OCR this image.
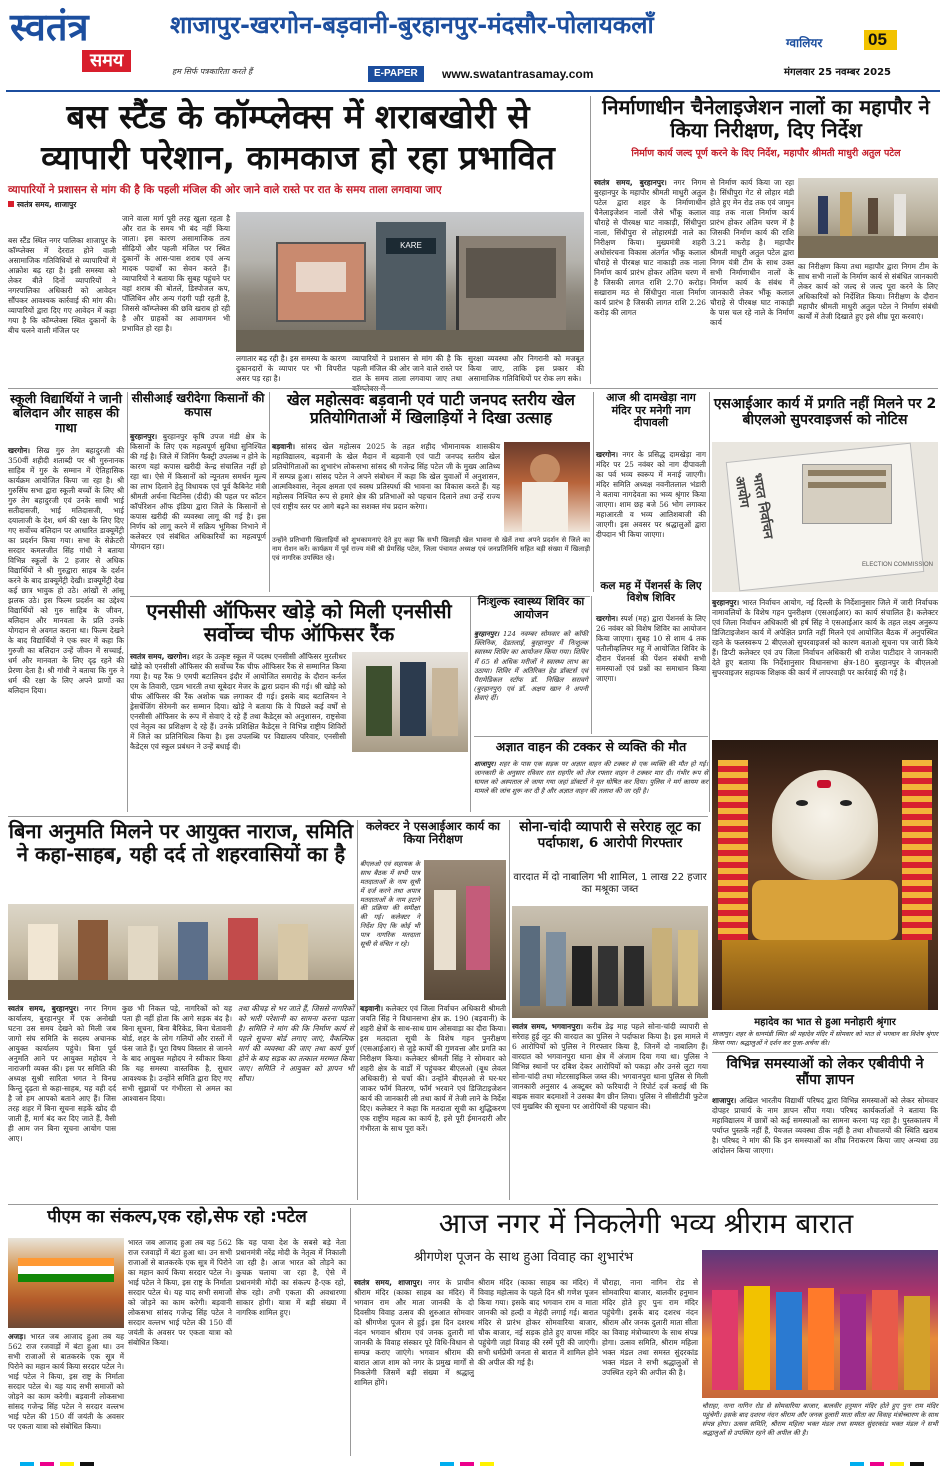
स्वतंत्र
समय
हम सिर्फ पत्रकारिता करते हैं
शाजापुर-खरगोन-बड़वानी-बुरहानपुर-मंदसौर-पोलायकलाँ
E-PAPER	www.swatantrasamay.com
ग्वालियर	05
मंगलवार 25 नवम्बर 2025
बस स्टैंड के कॉम्प्लेक्स में शराबखोरी से व्यापारी परेशान, कामकाज हो रहा प्रभावित
व्यापारियों ने प्रशासन से मांग की है कि पहली मंजिल की ओर जाने वाले रास्ते पर रात के समय ताला लगवाया जाए
स्वतंत्र समय, शाजापुर
बस स्टैंड स्थित नगर पालिका शाजापुर के कॉम्प्लेक्स में देररात होने वाली असामाजिक गतिविधियों से व्यापारियों में आक्रोश बढ़ रहा है। इसी समस्या को लेकर बीते दिनों व्यापारियों ने नगरपालिका अधिकारी को आवेदन सौंपकर आवश्यक कार्रवाई की मांग की। व्यापारियों द्वारा दिए गए आवेदन में कहा गया है कि कॉम्प्लेक्स स्थित दुकानों के बीच चलने वाली मंजिल पर
जाने वाला मार्ग पूरी तरह खुला रहता है और रात के समय भी बंद नहीं किया जाता। इस कारण असामाजिक तत्व सीढ़ियों और पहली मंजिल पर स्थित दुकानों के आस-पास शराब एवं अन्य मादक पदार्थों का सेवन करते हैं। व्यापारियों ने बताया कि सुबह पहुंचने पर वहां शराब की बोतलें, डिस्पोजल कप, पॉलिथिन और अन्य गंदगी पड़ी रहती है, जिससे कॉम्प्लेक्स की छवि खराब हो रही है और ग्राहकों का आवागमन भी प्रभावित हो रहा है।
KARE
लगातार बढ़ रही है। इस समस्या के कारण दुकानदारों के व्यापार पर भी विपरीत असर पड़ रहा है।
व्यापारियों ने प्रशासन से मांग की है कि पहली मंजिल की ओर जाने वाले रास्ते पर रात के समय ताला लगवाया जाए तथा
सुरक्षा व्यवस्था और निगरानी को मजबूत किया जाए, ताकि इस प्रकार की असामाजिक गतिविधियों पर रोक लग सके।
निर्माणाधीन चैनेलाइजेशन नालों का महापौर ने किया निरीक्षण, दिए निर्देश
निर्माण कार्य जल्द पूर्ण करने के दिए निर्देश, महापौर श्रीमती माधुरी अतुल पटेल
स्वतंत्र समय, बुरहानपुर। नगर निगम बुरहानपुर के महापौर श्रीमती माधुरी अतुल पटेल द्वारा शहर के निर्माणाधीन चैनेलाइजेशन नालों जैसे भौंकू कलाल चौराहे से पीरबक्ष घाट नाकाड़ी, सिंधीपुरा नाला, सिंधीपुरा से लोहारमंडी नाले का निरीक्षण किया। मुख्यमंत्री शहरी अधोसंरचना विकास अंतर्गत भौंकू कलाल चौराहे से पीरबक्ष घाट नाकाड़ी तक नाला निर्माण कार्य प्रारंभ होकर अंतिम चरण में है जिसकी लागत राशि 2.70 करोड़। सखाराम मठ से सिंधीपुरा नाला निर्माण कार्य प्रारंभ है जिसकी लागत राशि 2.26 करोड़ की लागत
से निर्माण कार्य किया जा रहा है। सिंधीपुरा गेट से लोहार मंडी होते हुए मेन रोड तक एवं जामुन वाड़ तक नाला निर्माण कार्य प्रारंभ होकर अंतिम चरण में है जिसकी निर्माण कार्य की राशि 3.21 करोड़ है। महापौर श्रीमती माधुरी अतुल पटेल द्वारा निगम यंत्री टीम के साथ उक्त सभी निर्माणाधीन नालों के निर्माण कार्य के संबंध में जानकारी लेकर भौंकू कलाल चौराहे से पीरबक्ष घाट नाकाड़ी के पास चल रहे नाले के निर्माण कार्य
का निरीक्षण किया तथा महापौर द्वारा निगम टीम के साथ सभी नालों के निर्माण कार्य से संबंधित जानकारी लेकर कार्य को जल्द से जल्द पूरा करने के लिए अधिकारियों को निर्देशित किया। निरीक्षण के दौरान महापौर श्रीमती माधुरी अतुल पटेल ने निर्माण संबंधी कार्यों में तेजी दिखाते हुए इसे शीघ्र पूरा करवाएं।
स्कूली विद्यार्थियों ने जानी बलिदान और साहस की गाथा
खरगोन। सिख गुरु तेग बहादुरजी की 350वीं शहीदी शताब्दी पर श्री गुरुनानक साहिब में गुरु के सम्मान में ऐतिहासिक कार्यक्रम आयोजित किया जा रहा है। श्री गुरुसिंघ सभा द्वारा स्कूली बच्चों के लिए श्री गुरु तेग बहादुरजी एवं उनके साथी भाई सतीदासजी, भाई मतिदासजी, भाई दयालाजी के देश, धर्म की रक्षा के लिए दिए गए सर्वोच्च बलिदान पर आधारित डाक्यूमेंट्री का प्रदर्शन किया गया। सभा के सेक्रेटरी सरदार कमलजीत सिंह गांधी ने बताया विभिन्न स्कूलों के 2 हजार से अधिक विद्यार्थियों ने श्री गुरुद्वारा साहब के दर्शन करने के बाद डाक्यूमेंट्री देखी। डाक्यूमेंट्री देख कई छात्र भावुक हो उठे। आंखों से आंसू झलक उठे। इस फिल्म प्रदर्शन का उद्देश्य विद्यार्थियों को गुरु साहिब के जीवन, बलिदान और मानवता के प्रति उनके योगदान से अवगत कराना था। फिल्म देखने के बाद विद्यार्थियों ने एक स्वर में कहा कि गुरुजी का बलिदान उन्हें जीवन में सच्चाई, धर्म और मानवता के लिए दृढ़ रहने की प्रेरणा देता है। श्री गांधी ने बताया कि गुरु ने धर्म की रक्षा के लिए अपने प्राणों का बलिदान दिया।
सीसीआई खरीदेगा किसानों की कपास
बुरहानपुर। बुरहानपुर कृषि उपज मंडी क्षेत्र के किसानों के लिए एक महत्वपूर्ण सुविधा सुनिश्चित की गई है। जिले में जिनिंग फैक्ट्री उपलब्ध न होने के कारण यहां कपास खरीदी केन्द्र संचालित नहीं हो रहा था। ऐसे में किसानों को न्यूनतम समर्थन मूल्य का लाभ दिलाने हेतु विधायक एवं पूर्व कैबिनेट मंत्री श्रीमती अर्चना चिटनिस (दीदी) की पहल पर कॉटन कॉर्पोरेशन ऑफ इंडिया द्वारा जिले के किसानों से कपास खरीदी की व्यवस्था लागू की गई है। इस निर्णय को लागू करने में सक्रिय भूमिका निभाने में कलेक्टर एवं संबंधित अधिकारियों का महत्वपूर्ण योगदान रहा।
खेल महोत्सवः बड़वानी एवं पाटी जनपद स्तरीय खेल प्रतियोगिताओं में खिलाड़ियों ने दिखा उत्साह
बड़वानी। सांसद खेल महोत्सव 2025 के तहत शहीद भीमानायक शासकीय महाविद्यालय, बड़वानी के खेल मैदान में बड़वानी एवं पाटी जनपद स्तरीय खेल प्रतियोगिताओं का शुभारंभ लोकसभा सांसद श्री गजेन्द्र सिंह पटेल जी के मुख्य आतिथ्य में सम्पन्न हुआ। सांसद पटेल ने अपने संबोधन में कहा कि खेल युवाओं में अनुशासन, आत्मविश्वास, नेतृत्व क्षमता एवं स्वस्थ प्रतिस्पर्धा की भावना का विकास करते हैं। यह महोत्सव निश्चित रूप से हमारे क्षेत्र की प्रतिभाओं को पहचान दिलाने तथा उन्हें राज्य एवं राष्ट्रीय स्तर पर आगे बढ़ने का सशक्त मंच प्रदान करेगा।
उन्होंने प्रतिभागी खिलाड़ियों को शुभकामनाएं देते हुए कहा कि सभी खिलाड़ी खेल भावना से खेलें तथा अपने प्रदर्शन से जिले का नाम रोशन करें। कार्यक्रम में पूर्व राज्य मंत्री श्री प्रेमसिंह पटेल, जिला पंचायत अध्यक्ष एवं जनप्रतिनिधि सहित बड़ी संख्या में खिलाड़ी एवं नागरिक उपस्थित रहे।
आज श्री दामखेड़ा नाग मंदिर पर मनेगी नाग दीपावली
खरगोन। नगर के प्रसिद्ध दामखेड़ा नाग मंदिर पर 25 नवंबर को नाग दीपावली का पर्व भव्य स्वरूप में मनाई जाएगी। मंदिर समिति अध्यक्ष नवनीतलाल भंडारी ने बताया नागदेवता का भव्य श्रृंगार किया जाएगा। शाम छह बजे 56 भोग लगाकर महाआरती व भव्य आतिशबाजी की जाएगी। इस अवसर पर श्रद्धालुओं द्वारा दीपदान भी किया जाएगा।
एसआईआर कार्य में प्रगति नहीं मिलने पर 2 बीएलओ सुपरवाइजर्स को नोटिस
भारत निर्वाचन आयोग
ELECTION COMMISSION
बुरहानपुर। भारत निर्वाचन आयोग, नई दिल्ली के निर्देशानुसार जिले में जारी निर्वाचक नामावलियों के विशेष गहन पुनरीक्षण (एसआईआर) का कार्य संचालित है। कलेक्टर एवं जिला निर्वाचन अधिकारी श्री हर्ष सिंह ने एसआईआर कार्य के तहत लक्ष्य अनुरूप डिजिटाइजेशन कार्य में अपेक्षित प्रगति नहीं मिलने एवं आयोजित बैठक में अनुपस्थित रहने के फलस्वरूप 2 बीएलओ सुपरवाइजर्स को कारण बताओ सूचना पत्र जारी किये हैं। डिप्टी कलेक्टर एवं उप जिला निर्वाचन अधिकारी श्री राजेश पाटीदार ने जानकारी देते हुए बताया कि निर्देशानुसार विधानसभा क्षेत्र-180 बुरहानपुर के बीएलओ सुपरवाइजर सहायक शिक्षक की कार्य में लापरवाही पर कार्रवाई की गई है।
एनसीसी ऑफिसर खोड़े को मिली एनसीसी सर्वोच्च चीफ ऑफिसर रैंक
स्वतंत्र समय, खरगोन। शहर के उत्कृष्ट स्कूल में पदस्थ एनसीसी ऑफिसर मुरलीधर खोड़े को एनसीसी ऑफिसर की सर्वोच्च रैंक चीफ ऑफिसर रैंक से सम्मानित किया गया है। यह रैंक 9 एमपी बटालियन इंदौर में आयोजित समारोह के दौरान कर्नल एम के तिवारी, एडम भारती तथा सूबेदार मेजर के द्वारा प्रदान की गई। श्री खोड़े को चीफ ऑफिसर की रैंक अशोक चक्र लगाकर दी गई। इसके बाद बटालियन ने ड्रेसचेंजिंग सेरेमनी कर सम्मान दिया। खोड़े ने बताया कि वे पिछले कई वर्षों से एनसीसी ऑफिसर के रूप में सेवाएं दे रहे हैं तथा कैडेट्स को अनुशासन, राष्ट्रसेवा एवं नेतृत्व का प्रशिक्षण दे रहे हैं। उनके प्रशिक्षित कैडेट्स ने विभिन्न राष्ट्रीय शिविरों में जिले का प्रतिनिधित्व किया है। इस उपलब्धि पर विद्यालय परिवार, एनसीसी कैडेट्स एवं स्कूल प्रबंधन ने उन्हें बधाई दी।
निःशुल्क स्वास्थ्य शिविर का आयोजन
बुरहानपुर। 124 नवम्बर सोमवार को कॉफी क्लिनिक, देडतलाई, बुरहानपुर में निःशुल्क स्वास्थ्य शिविर का आयोजन किया गया। शिविर में 65 से अधिक मरीजों ने स्वास्थ्य लाभ का उठाया। शिविर में अतिरिक्त हेड डॉक्टर्स एवं पैरामेडिकल स्टॉफ डॉ. निखिल सरावगे (बुरहानपुर) एवं डॉ. अक्षय खान ने अपनी सेवाएं दीं।
कल मह में पेंशनर्स के लिए विशेष शिविर
खरगोन। स्पर्श (मह) द्वारा पेंशनर्स के लिए 26 नवंबर को विशेष शिविर का आयोजन किया जाएगा। सुबह 10 से शाम 4 तक पतौलीव्हलियर महू में आयोजित शिविर के दौरान पेंशनर्स की पेंशन संबंधी सभी समस्याओं एवं प्रश्नों का समाधान किया जाएगा।
अज्ञात वाहन की टक्कर से व्यक्ति की मौत
शाजापुर। शहर के पास एक सड़क पर अज्ञात वाहन की टक्कर से एक व्यक्ति की मौत हो गई। जानकारी के अनुसार रविवार रात राहगीर को तेज रफ्तार वाहन ने टक्कर मार दी। गंभीर रूप से घायल को अस्पताल ले जाया गया जहां डॉक्टरों ने मृत घोषित कर दिया। पुलिस ने मर्ग कायम कर मामले की जांच शुरू कर दी है और अज्ञात वाहन की तलाश की जा रही है।
महादेव का भात से हुआ मनोहारी श्रृंगार
शाजापुर। शहर के धानमंडी स्थित श्री महादेव मंदिर में सोमवार को भात से भगवान का विशेष श्रृंगार किया गया। श्रद्धालुओं ने दर्शन कर पूजा-अर्चना की।
बिना अनुमति मिलने पर आयुक्त नाराज, समिति ने कहा-साहब, यही दर्द तो शहरवासियों का है
स्वतंत्र समय, बुरहानपुर। नगर निगम कार्यालय, बुरहानपुर में एक अनोखी घटना उस समय देखने को मिली जब जागो संघ समिति के सदस्य अचानक आयुक्त कार्यालय पहुंचे। बिना पूर्व अनुमति आने पर आयुक्त महोदय ने नाराजगी व्यक्त की। इस पर समिति की अध्यक्ष सुश्री सारिता भगत ने विनम्र किन्तु दृढ़ता से कहा-साहब, यह वही दर्द है जो हम आपको बताने आए हैं। जिस तरह शहर में बिना सूचना सड़कें खोद दी जाती हैं, मार्ग बंद कर दिए जाते हैं, वैसी ही आम जन बिना सूचना आयोग पास आए।
कुछ भी निकल पड़े, नागरिकों को यह पता ही नहीं होता कि आगे सड़क बंद है। बिना सूचना, बिना बैरिकेड, बिना चेतावनी बोर्ड, शहर के लोग गलियों और रास्तों में फंस जाते हैं। पूरा विषय विस्तार से जानने के बाद आयुक्त महोदय ने स्वीकार किया कि यह समस्या वास्तविक है, सुधार आवश्यक है। उन्होंने समिति द्वारा दिए गए सभी सुझावों पर गंभीरता से अमल का आश्वासन दिया।
तथा कीचड़ से भर जाते हैं, जिससे नागरिकों को भारी परेशानी का सामना करना पड़ता है। समिति ने मांग की कि निर्माण कार्य से पहले सूचना बोर्ड लगाए जाएं, वैकल्पिक मार्ग की व्यवस्था की जाए तथा कार्य पूर्ण होने के बाद सड़क का तत्काल मरम्मत किया जाए। समिति ने आयुक्त को ज्ञापन भी सौंपा।
कलेक्टर ने एसआईआर कार्य का किया निरीक्षण
बीएलओ एवं सहायक के साथ बैठक में सभी पात्र मतदाताओं के नाम सूची में दर्ज करने तथा अपात्र मतदाताओं के नाम हटाने की प्रक्रिया की समीक्षा की गई। कलेक्टर ने निर्देश दिए कि कोई भी पात्र नागरिक मतदाता सूची से वंचित न रहे।
बड़वानी। कलेक्टर एवं जिला निर्वाचन अधिकारी श्रीमती जयति सिंह ने विधानसभा क्षेत्र क्र. 190 (बड़वानी) के शहरी क्षेत्रों के साथ-साथ ग्राम ओसवाड़ा का दौरा किया। इस मतदाता सूची के विशेष गहन पुनरीक्षण (एसआईआर) से जुड़े कार्यों की गुणवत्ता और प्रगति का निरीक्षण किया। कलेक्टर श्रीमती सिंह ने सोमवार को शहरी क्षेत्र के वार्डों में पहुंचकर बीएलओ (बूथ लेवल अधिकारी) से चर्चा की। उन्होंने बीएलओ से घर-घर जाकर फॉर्म वितरण, फॉर्म भरवाने एवं डिजिटाइजेशन कार्य की जानकारी ली तथा कार्य में तेजी लाने के निर्देश दिए। कलेक्टर ने कहा कि मतदाता सूची का शुद्धिकरण एक राष्ट्रीय महत्व का कार्य है, इसे पूरी ईमानदारी और गंभीरता के साथ पूरा करें।
सोना-चांदी व्यापारी से सरेराह लूट का पर्दाफाश, 6 आरोपी गिरफ्तार
वारदात में दो नाबालिग भी शामिल, 1 लाख 22 हजार का मश्रूका जब्त
स्वतंत्र समय, भगवानपुरा। करीब डेढ़ माह पहले सोना-चांदी व्यापारी से सरेराह हुई लूट की वारदात का पुलिस ने पर्दाफाश किया है। इस मामले में 6 आरोपियों को पुलिस ने गिरफ्तार किया है, जिनमें दो नाबालिग हैं। वारदात को भगवानपुरा थाना क्षेत्र में अंजाम दिया गया था। पुलिस ने विभिन्न स्थानों पर दबिश देकर आरोपियों को पकड़ा और उनसे लूटा गया सोना-चांदी तथा मोटरसाइकिल जब्त की। भगवानपुरा थाना पुलिस से मिली जानकारी अनुसार 4 अक्टूबर को फरियादी ने रिपोर्ट दर्ज कराई थी कि बाइक सवार बदमाशों ने उसका बैग छीन लिया। पुलिस ने सीसीटीवी फुटेज एवं मुखबिर की सूचना पर आरोपियों की पहचान की।
विभिन्न समस्याओं को लेकर एबीवीपी ने सौंपा ज्ञापन
शाजापुर। अखिल भारतीय विद्यार्थी परिषद द्वारा विभिन्न समस्याओं को लेकर सोमवार दोपहर प्राचार्य के नाम ज्ञापन सौंपा गया। परिषद कार्यकर्ताओं ने बताया कि महाविद्यालय में छात्रों को कई समस्याओं का सामना करना पड़ रहा है। पुस्तकालय में पर्याप्त पुस्तकें नहीं हैं, पेयजल व्यवस्था ठीक नहीं है तथा शौचालयों की स्थिति खराब है। परिषद ने मांग की कि इन समस्याओं का शीघ्र निराकरण किया जाए अन्यथा उग्र आंदोलन किया जाएगा।
पीएम का संकल्प,एक रहो,सेफ रहो :पटेल
अजड़। भारत जब आजाद हुआ तब यह 562 राज रजवाड़ों में बंटा हुआ था। उन सभी राजाओं से बातकरके एक सूत्र में पिरोने का महान कार्य किया सरदार पटेल ने। भाई पटेल ने किया, इस राष्ट्र के निर्माता सरदार पटेल थे। यह याद सभी समाजों को जोड़ने का काम करेगी। बड़वानी लोकसभा सांसद गजेन्द्र सिंह पटेल ने सरदार वल्लभ भाई पटेल की 150 वीं जयंती के अवसर पर एकता यात्रा को संबोधित किया।
भारत जब आजाद हुआ तब यह 562 राज रजवाड़ों में बंटा हुआ था। उन सभी राजाओं से बातकरके एक सूत्र में पिरोने का महान कार्य किया सरदार पटेल ने। भाई पटेल ने किया, इस राष्ट्र के निर्माता सरदार पटेल थे। यह याद सभी समाजों को जोड़ने का काम करेगी। बड़वानी लोकसभा सांसद गजेन्द्र सिंह पटेल ने सरदार वल्लभ भाई पटेल की 150 वीं जयंती के अवसर पर एकता यात्रा को संबोधित किया।
कि यह पाया देश के सबसे बड़े नेता प्रधानमंत्री नरेंद्र मोदी के नेतृत्व में निकाली जा रही है। आज भारत को तोड़ने का कुचक्र चलाया जा रहा है, ऐसे में प्रधानमंत्री मोदी का संकल्प है-एक रहो, सेफ रहो। तभी एकता की अवधारणा साकार होगी। यात्रा में बड़ी संख्या में नागरिक शामिल हुए।
आज नगर में निकलेगी भव्य श्रीराम बारात
श्रीगणेश पूजन के साथ हुआ विवाह का शुभारंभ
स्वतंत्र समय, शाजापुर। नगर के प्राचीन श्रीराम मंदिर (काका साहब का मंदिर) में भगवान राम और माता जानकी के दो दिवसीय विवाह उत्सव की शुरुआत सोमवार को श्रीगणेश पूजन से हुई। इस दिन दशरथ नंदन भगवान श्रीराम एवं जनक दुलारी मां जानकी के विवाह संस्कार पूरे विधि-विधान से सम्पन्न कराए जाएंगे। भगवान श्रीराम की बारात आज शाम को नगर के प्रमुख मार्गों से निकलेगी जिसमें बड़ी संख्या में श्रद्धालु शामिल होंगे।
श्रीराम मंदिर (काका साहब का मंदिर) में विवाह महोत्सव के पहले दिन श्री गणेश पूजन किया गया। इसके बाद भगवान राम व माता जानकी को हल्दी व मेहंदी लगाई गई। बारात मंदिर से प्रारंभ होकर सोमवारिया बाजार, चौक बाजार, नई सड़क होते हुए वापस मंदिर पहुंचेगी जहां विवाह की रस्में पूरी की जाएंगी। सभी धर्मप्रेमी जनता से बारात में शामिल होने की अपील की गई है।
चौराहा, नाना नागिन रोड से सोमवारिया बाजार, बालवीर हनुमान मंदिर होते हुए पुनः राम मंदिर पहुंचेगी। इसके बाद दशरथ नंदन श्रीराम और जनक दुलारी माता सीता का विवाह मंत्रोच्चारण के साथ संपन्न होगा। उत्सव समिति, श्रीराम महिला भक्त मंडल तथा समस्त सुंदरकांड भक्त मंडल ने सभी श्रद्धालुओं से उपस्थित रहने की अपील की है।
चौराहा, नाना नागिन रोड से सोमवारिया बाजार, बालवीर हनुमान मंदिर होते हुए पुनः राम मंदिर पहुंचेगी। इसके बाद दशरथ नंदन श्रीराम और जनक दुलारी माता सीता का विवाह मंत्रोच्चारण के साथ संपन्न होगा। उत्सव समिति, श्रीराम महिला भक्त मंडल तथा समस्त सुंदरकांड भक्त मंडल ने सभी श्रद्धालुओं से उपस्थित रहने की अपील की है।
